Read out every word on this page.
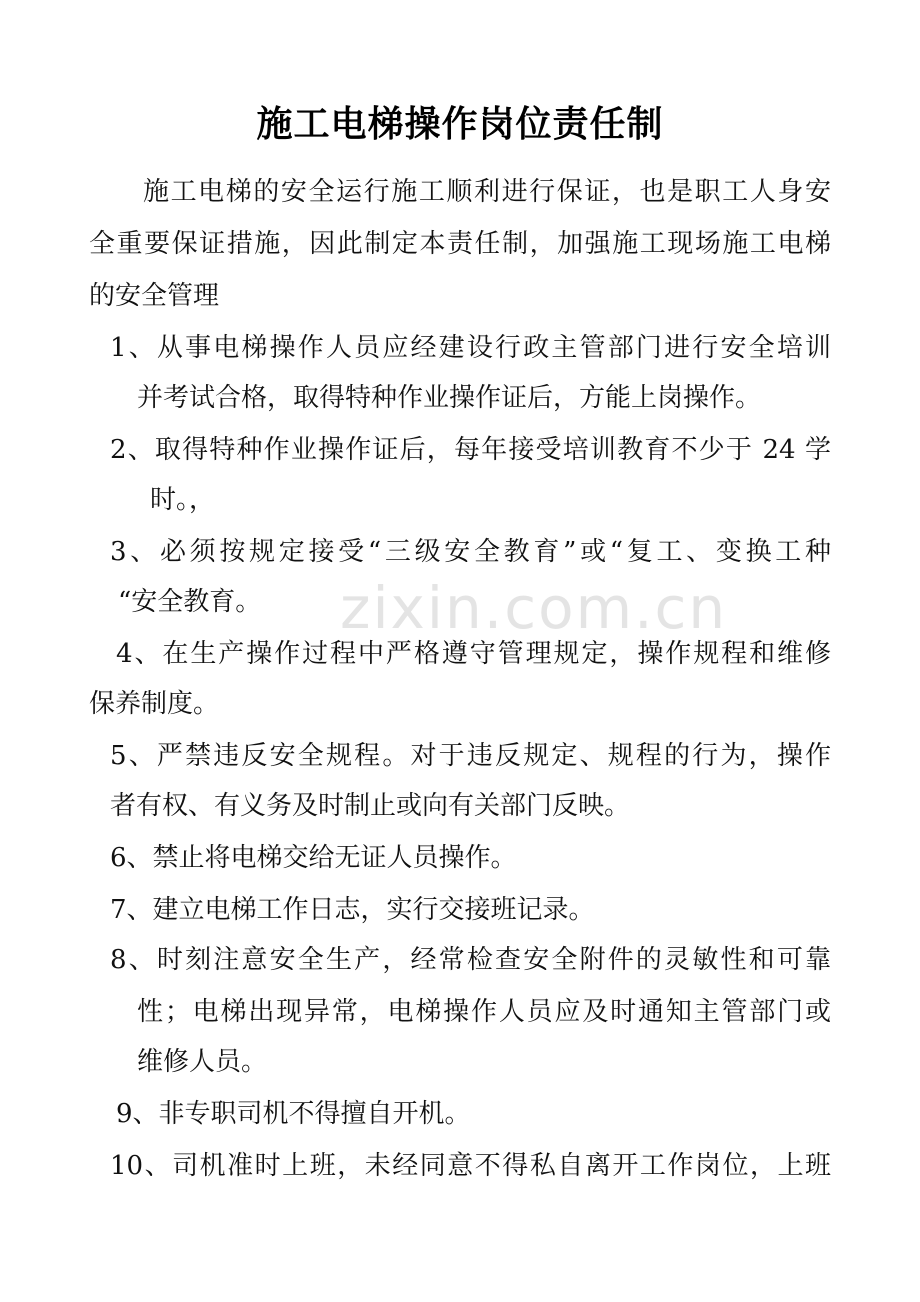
zixin.com.cn
施工电梯操作岗位责任制
施工电梯的安全运行施工顺利进行保证，也是职工人身安
全重要保证措施，因此制定本责任制，加强施工现场施工电梯
的安全管理
1、从事电梯操作人员应经建设行政主管部门进行安全培训
并考试合格，取得特种作业操作证后，方能上岗操作。
2、取得特种作业操作证后，每年接受培训教育不少于 24 学
时。，
3、必须按规定接受“三级安全教育”或“复工、变换工种
“安全教育。
4、在生产操作过程中严格遵守管理规定，操作规程和维修
保养制度。
5、严禁违反安全规程。对于违反规定、规程的行为，操作
者有权、有义务及时制止或向有关部门反映。
6、禁止将电梯交给无证人员操作。
7、建立电梯工作日志，实行交接班记录。
8、时刻注意安全生产，经常检查安全附件的灵敏性和可靠
性；电梯出现异常，电梯操作人员应及时通知主管部门或
维修人员。
9、非专职司机不得擅自开机。
10、司机准时上班，未经同意不得私自离开工作岗位，上班
